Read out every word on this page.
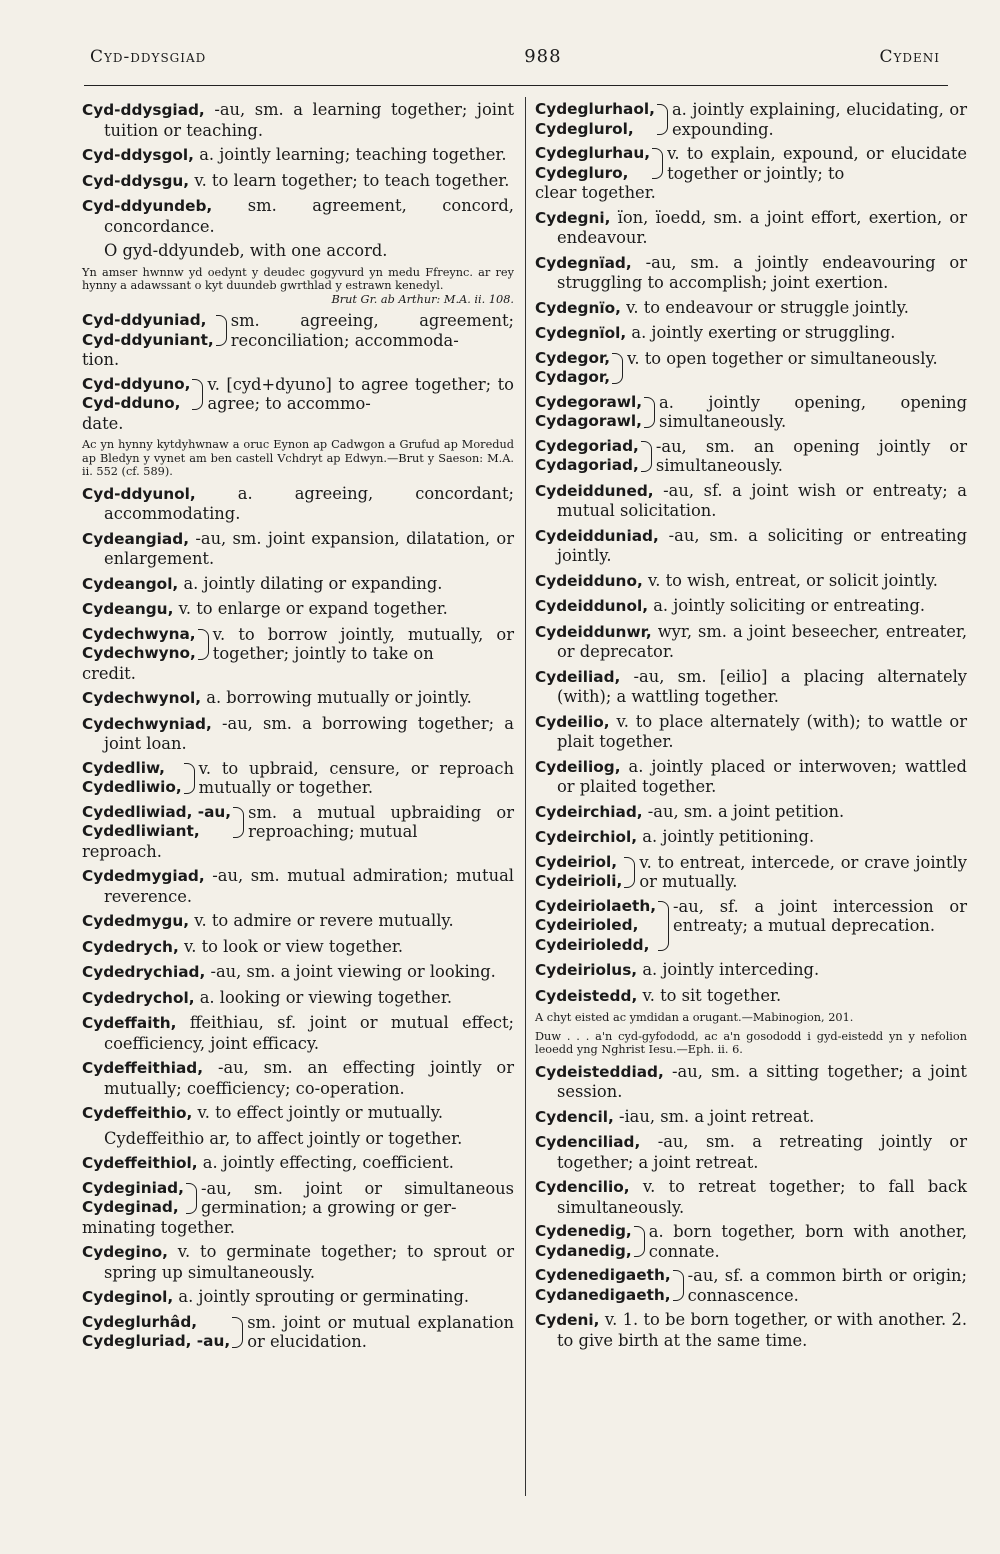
Cyd-ddysgiad	988	Cydeni

Cyd-ddysgiad, -au, sm. a learning together; joint tuition or teaching.

Cyd-ddysgol, a. jointly learning; teaching together.

Cyd-ddysgu, v. to learn together; to teach together.

Cyd-ddyundeb, sm. agreement, concord, concordance.

O gyd-ddyundeb, with one accord.

Yn amser hwnnw yd oedynt y deudec gogyvurd yn medu Ffreync. ar rey hynny a adawssant o kyt duundeb gwrthlad y estrawn kenedyl.
Brut Gr. ab Arthur: M.A. ii. 108.

Cyd-ddyuniad,
Cyd-ddyuniant,
sm. agreeing, agreement; reconciliation; accommoda-
tion.
Cyd-ddyuno,
Cyd-dduno,
v. [cyd+dyuno] to agree together; to agree; to accommo-
date.

Ac yn hynny kytdyhwnaw a oruc Eynon ap Cadwgon a Grufud ap Moredud ap Bledyn y vynet am ben castell Vchdryt ap Edwyn.—Brut y Saeson: M.A. ii. 552 (cf. 589).

Cyd-ddyunol,	a. agreeing, concordant; accommodating.

Cydeangiad, -au, sm. joint expansion, dilatation, or enlargement.

Cydeangol, a. jointly dilating or expanding.

Cydeangu, v. to enlarge or expand together.

Cydechwyna,
Cydechwyno,
v. to borrow jointly, mutually, or together; jointly to take on
credit.

Cydechwynol, a. borrowing mutually or jointly.

Cydechwyniad, -au, sm. a borrowing together; a joint loan.

Cydedliw,
Cydedliwio,
v. to upbraid, censure, or reproach mutually or together.
Cydedliwiad, -au,
Cydedliwiant,
sm. a mutual upbraiding or reproaching; mutual
reproach.

Cydedmygiad, -au, sm. mutual admiration; mutual reverence.

Cydedmygu, v. to admire or revere mutually.

Cydedrych, v. to look or view together.

Cydedrychiad, -au, sm. a joint viewing or looking.

Cydedrychol, a. looking or viewing together.

Cydeffaith, ffeithiau, sf. joint or mutual effect; coefficiency, joint efficacy.

Cydeffeithiad, -au, sm. an effecting jointly or mutually; coefficiency; co-operation.

Cydeffeithio, v. to effect jointly or mutually.

Cydeffeithio ar, to affect jointly or together.

Cydeffeithiol, a. jointly effecting, coefficient.

Cydeginiad,
Cydeginad,
-au, sm. joint or simultaneous germination; a growing or ger-
minating together.

Cydegino, v. to germinate together; to sprout or spring up simultaneously.

Cydeginol, a. jointly sprouting or germinating.

Cydeglurhâd,
Cydegluriad, -au,
sm. joint or mutual explanation or elucidation.
Cydeglurhaol,
Cydeglurol,
a. jointly explaining, elucidating, or expounding.
Cydeglurhau,
Cydegluro,
v. to explain, expound, or elucidate together or jointly; to
clear together.

Cydegni, ïon, ïoedd, sm. a joint effort, exertion, or endeavour.

Cydegnïad, -au, sm. a jointly endeavouring or struggling to accomplish; joint exertion.

Cydegnïo, v. to endeavour or struggle jointly.

Cydegnïol, a. jointly exerting or struggling.

Cydegor,
Cydagor,
v. to open together or simultaneously.
Cydegorawl,
Cydagorawl,
a. jointly opening, opening simultaneously.
Cydegoriad,
Cydagoriad,
-au, sm. an opening jointly or simultaneously.

Cydeidduned, -au, sf. a joint wish or entreaty; a mutual solicitation.

Cydeidduniad, -au, sm. a soliciting or entreating jointly.

Cydeidduno, v. to wish, entreat, or solicit jointly.

Cydeiddunol, a. jointly soliciting or entreating.

Cydeiddunwr, wyr, sm. a joint beseecher, entreater, or deprecator.

Cydeiliad, -au, sm. [eilio] a placing alternately (with); a wattling together.

Cydeilio, v. to place alternately (with); to wattle or plait together.

Cydeiliog, a. jointly placed or interwoven; wattled or plaited together.

Cydeirchiad, -au, sm. a joint petition.

Cydeirchiol, a. jointly petitioning.

Cydeiriol,
Cydeirioli,
v. to entreat, intercede, or crave jointly or mutually.
Cydeiriolaeth,
Cydeirioled,
Cydeirioledd,
-au, sf. a joint intercession or entreaty; a mutual deprecation.

Cydeiriolus, a. jointly interceding.

Cydeistedd, v. to sit together.

A chyt eisted ac ymdidan a orugant.—Mabinogion, 201.

Duw . . . a'n cyd-gyfododd, ac a'n gosododd i gyd-eistedd yn y nefolion leoedd yng Nghrist Iesu.—Eph. ii. 6.

Cydeisteddiad, -au, sm. a sitting together; a joint session.

Cydencil, -iau, sm. a joint retreat.

Cydenciliad, -au, sm. a retreating jointly or together; a joint retreat.

Cydencilio, v. to retreat together; to fall back simultaneously.

Cydenedig,
Cydanedig,
a. born together, born with another, connate.
Cydenedigaeth,
Cydanedigaeth,
-au, sf. a common birth or origin; connascence.

Cydeni, v. 1. to be born together, or with another. 2. to give birth at the same time.
